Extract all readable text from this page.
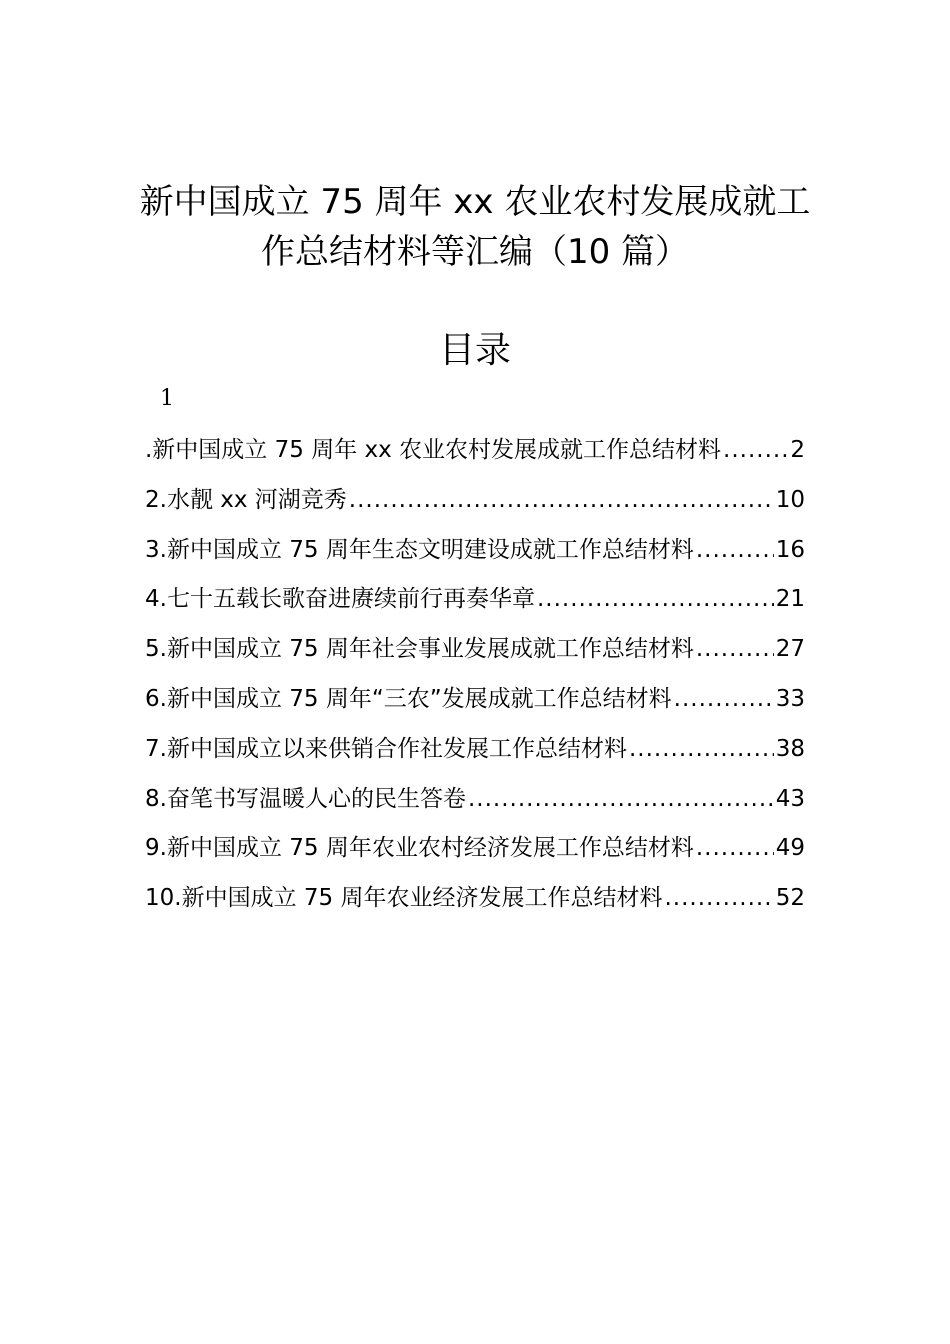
新中国成立 75 周年 xx 农业农村发展成就工
作总结材料等汇编（10 篇）
目录
1
.新中国成立 75 周年 xx 农业农村发展成就工作总结材料 .....	2
2.水靓 xx 河湖竞秀 .....	10
3.新中国成立 75 周年生态文明建设成就工作总结材料 .....	16
4.七十五载长歌奋进赓续前行再奏华章 .....	21
5.新中国成立 75 周年社会事业发展成就工作总结材料 .....	27
6.新中国成立 75 周年“三农”发展成就工作总结材料 .....	33
7.新中国成立以来供销合作社发展工作总结材料 .....	38
8.奋笔书写温暖人心的民生答卷 .....	43
9.新中国成立 75 周年农业农村经济发展工作总结材料 .....	49
10.新中国成立 75 周年农业经济发展工作总结材料 .....	52
